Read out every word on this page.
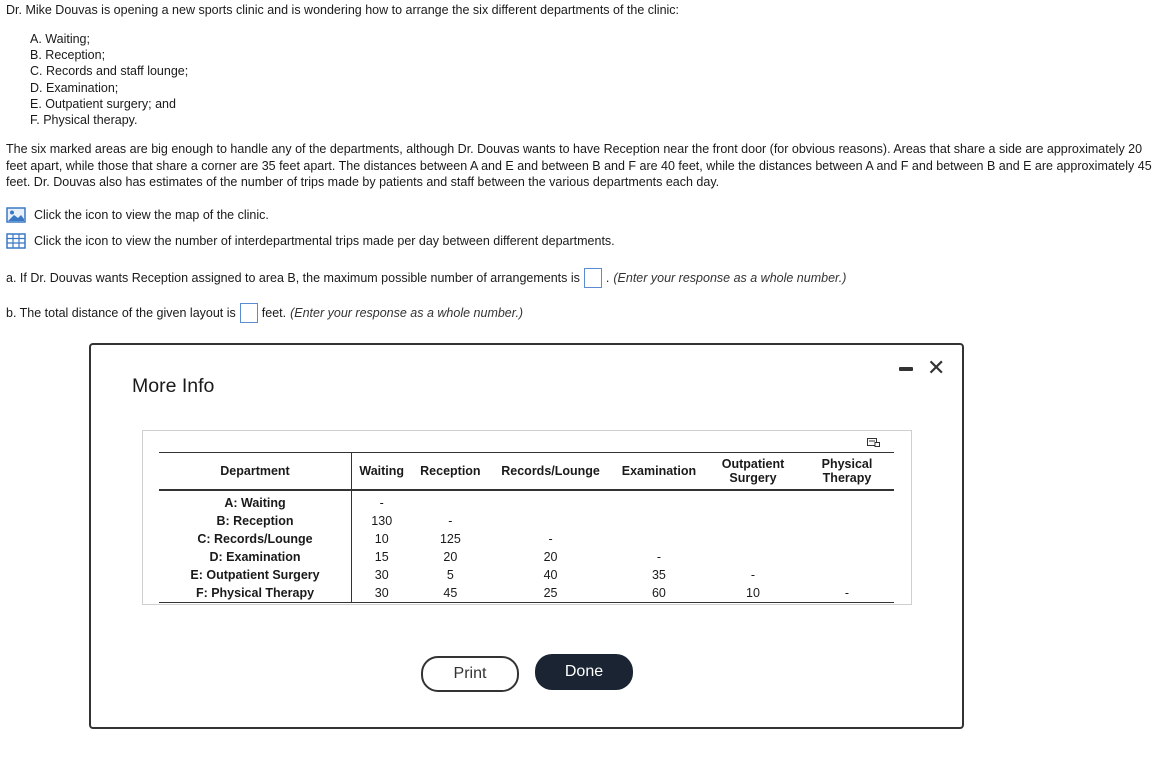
Dr. Mike Douvas is opening a new sports clinic and is wondering how to arrange the six different departments of the clinic:
A. Waiting;
B. Reception;
C. Records and staff lounge;
D. Examination;
E. Outpatient surgery; and
F. Physical therapy.
The six marked areas are big enough to handle any of the departments, although Dr. Douvas wants to have Reception near the front door (for obvious reasons). Areas that share a side are approximately 20 feet apart, while those that share a corner are 35 feet apart. The distances between A and E and between B and F are 40 feet, while the distances between A and F and between B and E are approximately 45 feet. Dr. Douvas also has estimates of the number of trips made by patients and staff between the various departments each day.
Click the icon to view the map of the clinic.
Click the icon to view the number of interdepartmental trips made per day between different departments.
a. If Dr. Douvas wants Reception assigned to area B, the maximum possible number of arrangements is . (Enter your response as a whole number.)
b. The total distance of the given layout is feet. (Enter your response as a whole number.)
More Info
✕
Department	Waiting	Reception	Records/Lounge	Examination	Outpatient Surgery	Physical Therapy
A: Waiting	-					
B: Reception	130	-				
C: Records/Lounge	10	125	-			
D: Examination	15	20	20	-		
E: Outpatient Surgery	30	5	40	35	-	
F: Physical Therapy	30	45	25	60	10	-
Print	Done
